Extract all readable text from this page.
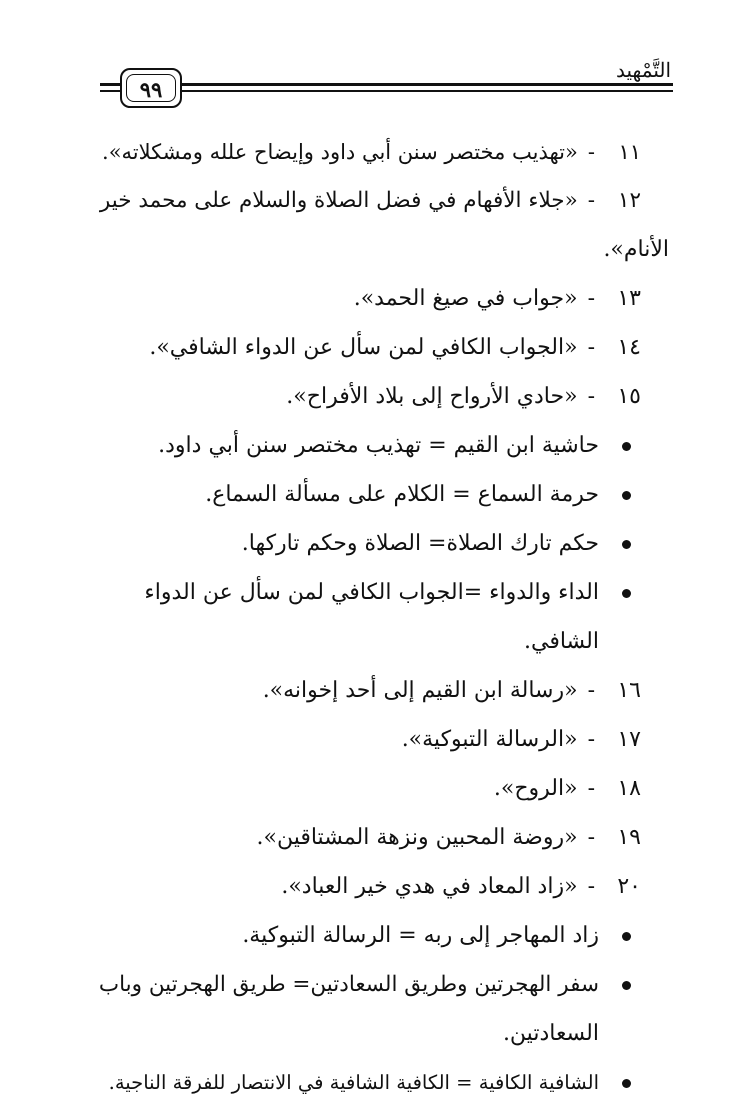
التَّمْهِيد
٩٩
١١-«تهذيب مختصر سنن أبي داود وإيضاح علله ومشكلاته».
١٢-«جلاء الأفهام في فضل الصلاة والسلام على محمد خير
الأنام».
١٣-«جواب في صيغ الحمد».
١٤-«الجواب الكافي لمن سأل عن الدواء الشافي».
١٥-«حادي الأرواح إلى بلاد الأفراح».
حاشية ابن القيم = تهذيب مختصر سنن أبي داود.
حرمة السماع = الكلام على مسألة السماع.
حكم تارك الصلاة= الصلاة وحكم تاركها.
الداء والدواء =الجواب الكافي لمن سأل عن الدواء
الشافي.
١٦-«رسالة ابن القيم إلى أحد إخوانه».
١٧-«الرسالة التبوكية».
١٨-«الروح».
١٩-«روضة المحبين ونزهة المشتاقين».
٢٠-«زاد المعاد في هدي خير العباد».
زاد المهاجر إلى ربه = الرسالة التبوكية.
سفر الهجرتين وطريق السعادتين= طريق الهجرتين وباب
السعادتين.
الشافية الكافية = الكافية الشافية في الانتصار للفرقة الناجية.
